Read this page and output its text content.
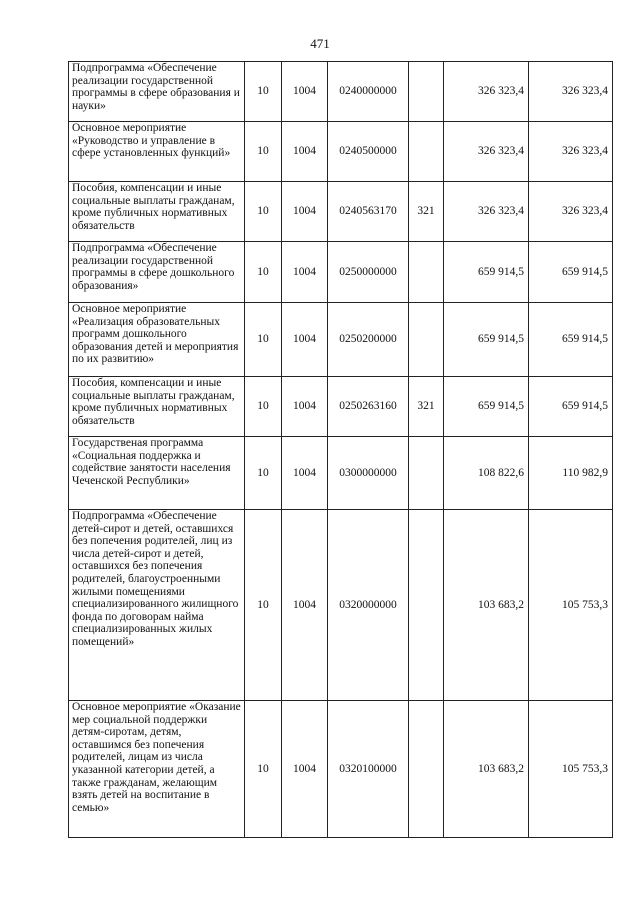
471
Подпрограмма «Обеспечение реализации государственной программы в сфере образования и науки»	10	1004	0240000000		326 323,4	326 323,4
Основное мероприятие «Руководство и управление в сфере установленных функций»	10	1004	0240500000		326 323,4	326 323,4
Пособия, компенсации и иные социальные выплаты гражданам, кроме публичных нормативных обязательств	10	1004	0240563170	321	326 323,4	326 323,4
Подпрограмма «Обеспечение реализации государственной программы в сфере дошкольного образования»	10	1004	0250000000		659 914,5	659 914,5
Основное мероприятие «Реализация образовательных программ дошкольного образования детей и мероприятия по их развитию»	10	1004	0250200000		659 914,5	659 914,5
Пособия, компенсации и иные социальные выплаты гражданам, кроме публичных нормативных обязательств	10	1004	0250263160	321	659 914,5	659 914,5
Государственая программа «Социальная поддержка и содействие занятости населения Чеченской Республики»	10	1004	0300000000		108 822,6	110 982,9
Подпрограмма «Обеспечение детей-сирот и детей, оставшихся без попечения родителей, лиц из числа детей-сирот и детей, оставшихся без попечения родителей, благоустроенными жилыми помещениями специализированного жилищного фонда по договорам найма специализированных жилых помещений»	10	1004	0320000000		103 683,2	105 753,3
Основное мероприятие «Оказание мер социальной поддержки детям-сиротам, детям, оставшимся без попечения родителей, лицам из числа указанной категории детей, а также гражданам, желающим взять детей на воспитание в семью»	10	1004	0320100000		103 683,2	105 753,3
